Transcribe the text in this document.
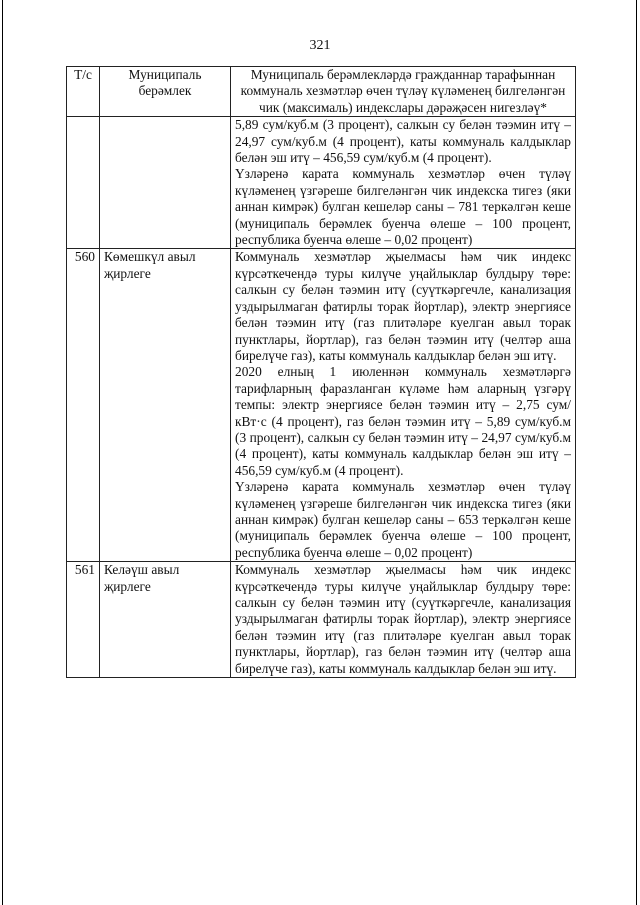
321
Т/с	Муниципаль берәмлек	Муниципаль берәмлекләрдә гражданнар тарафыннан коммуналь хезмәтләр өчен түләү күләменең билгеләнгән чик (максималь) индекслары дәрәҗәсен нигезләү*

		5,89 сум/куб.м (3 процент), салкын су белән тәэмин итү – 24,97 сум/куб.м (4 процент), каты коммуналь калдыклар белән эш итү – 456,59 сум/куб.м (4 процент).

Үзләренә карата коммуналь хезмәтләр өчен түләү күләменең үзгәреше билгеләнгән чик индекска тигез (яки аннан кимрәк) булган кешеләр саны – 781 теркәлгән кеше (муниципаль берәмлек буенча өлеше – 100 процент, республика буенча өлеше – 0,02 процент)

560	Көмешкүл авыл җирлеге	Коммуналь хезмәтләр җыелмасы һәм чик индекс күрсәткечендә туры килүче уңайлыклар булдыру төре: салкын су белән тәэмин итү (суүткәргечле, канализация уздырылмаган фатирлы торак йортлар), электр энергиясе белән тәэмин итү (газ плитәләре куелган авыл торак пунктлары, йортлар), газ белән тәэмин итү (челтәр аша бирелүче газ), каты коммуналь калдыклар белән эш итү.

2020 елның 1 июленнән коммуналь хезмәтләргә тарифларның фаразланган күләме һәм аларның үзгәрү темпы: электр энергиясе белән тәэмин итү – 2,75 сум/кВт·с (4 процент), газ белән тәэмин итү – 5,89 сум/куб.м (3 процент), салкын су белән тәэмин итү – 24,97 сум/куб.м (4 процент), каты коммуналь калдыклар белән эш итү – 456,59 сум/куб.м (4 процент).

Үзләренә карата коммуналь хезмәтләр өчен түләү күләменең үзгәреше билгеләнгән чик индекска тигез (яки аннан кимрәк) булган кешеләр саны – 653 теркәлгән кеше (муниципаль берәмлек буенча өлеше – 100 процент, республика буенча өлеше – 0,02 процент)

561	Келәүш авыл җирлеге	Коммуналь хезмәтләр җыелмасы һәм чик индекс күрсәткечендә туры килүче уңайлыклар булдыру төре: салкын су белән тәэмин итү (суүткәргечле, канализация уздырылмаган фатирлы торак йортлар), электр энергиясе белән тәэмин итү (газ плитәләре куелган авыл торак пунктлары, йортлар), газ белән тәэмин итү (челтәр аша бирелүче газ), каты коммуналь калдыклар белән эш итү.
